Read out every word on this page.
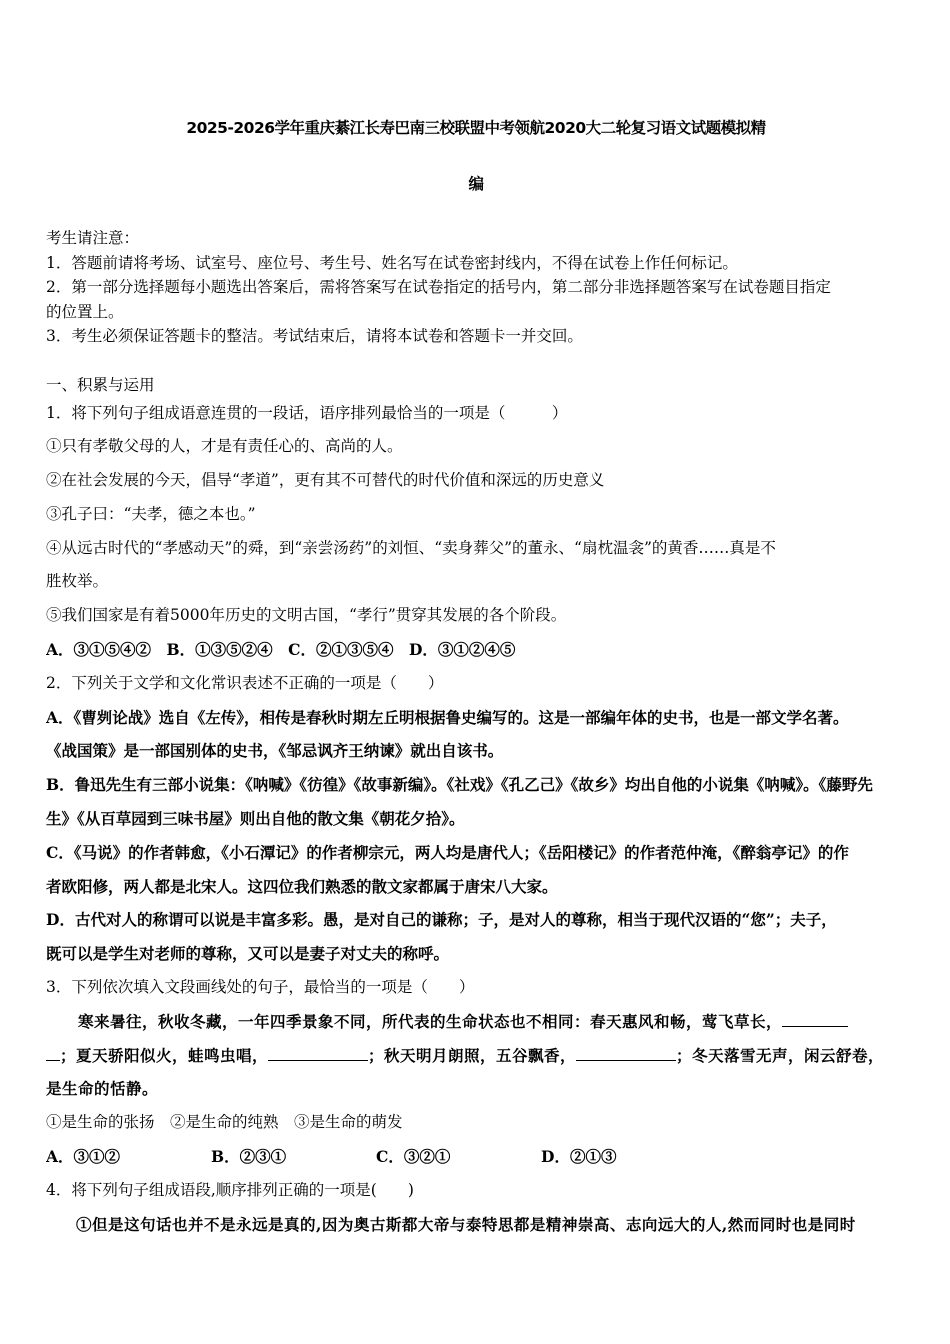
2025-2026学年重庆綦江长寿巴南三校联盟中考领航2020大二轮复习语文试题模拟精
编
考生请注意：
1．答题前请将考场、试室号、座位号、考生号、姓名写在试卷密封线内，不得在试卷上作任何标记。
2．第一部分选择题每小题选出答案后，需将答案写在试卷指定的括号内，第二部分非选择题答案写在试卷题目指定
的位置上。
3．考生必须保证答题卡的整洁。考试结束后，请将本试卷和答题卡一并交回。
一、积累与运用
1．将下列句子组成语意连贯的一段话，语序排列最恰当的一项是（　　　）
①只有孝敬父母的人，才是有责任心的、高尚的人。
②在社会发展的今天，倡导“孝道”，更有其不可替代的时代价值和深远的历史意义
③孔子曰：“夫孝，德之本也。”
④从远古时代的“孝感动天”的舜，到“亲尝汤药”的刘恒、“卖身葬父”的董永、“扇枕温衾”的黄香……真是不
胜枚举。
⑤我们国家是有着5000年历史的文明古国，“孝行”贯穿其发展的各个阶段。
A．③①⑤④②　B．①③⑤②④　C．②①③⑤④　D．③①②④⑤
2．下列关于文学和文化常识表述不正确的一项是（　　）
A．《曹刿论战》选自《左传》，相传是春秋时期左丘明根据鲁史编写的。这是一部编年体的史书，也是一部文学名著。
《战国策》是一部国别体的史书，《邹忌讽齐王纳谏》就出自该书。
B．鲁迅先生有三部小说集：《呐喊》《彷徨》《故事新编》。《社戏》《孔乙己》《故乡》均出自他的小说集《呐喊》。《藤野先
生》《从百草园到三味书屋》则出自他的散文集《朝花夕拾》。
C．《马说》的作者韩愈，《小石潭记》的作者柳宗元，两人均是唐代人；《岳阳楼记》的作者范仲淹，《醉翁亭记》的作
者欧阳修，两人都是北宋人。这四位我们熟悉的散文家都属于唐宋八大家。
D．古代对人的称谓可以说是丰富多彩。愚，是对自己的谦称；子，是对人的尊称，相当于现代汉语的“您”；夫子，
既可以是学生对老师的尊称，又可以是妻子对丈夫的称呼。
3．下列依次填入文段画线处的句子，最恰当的一项是（　　）
寒来暑往，秋收冬藏，一年四季景象不同，所代表的生命状态也不相同：春天惠风和畅，莺飞草长，
；夏天骄阳似火，蛙鸣虫唱，	；秋天明月朗照，五谷飘香，	；冬天落雪无声，闲云舒卷，
是生命的恬静。
①是生命的张扬　②是生命的纯熟　③是生命的萌发
A．③①②	B．②③①	C．③②①	D．②①③
4．将下列句子组成语段,顺序排列正确的一项是(　　)
①但是这句话也并不是永远是真的,因为奥古斯都大帝与泰特思都是精神崇高、志向远大的人,然而同时也是同时
